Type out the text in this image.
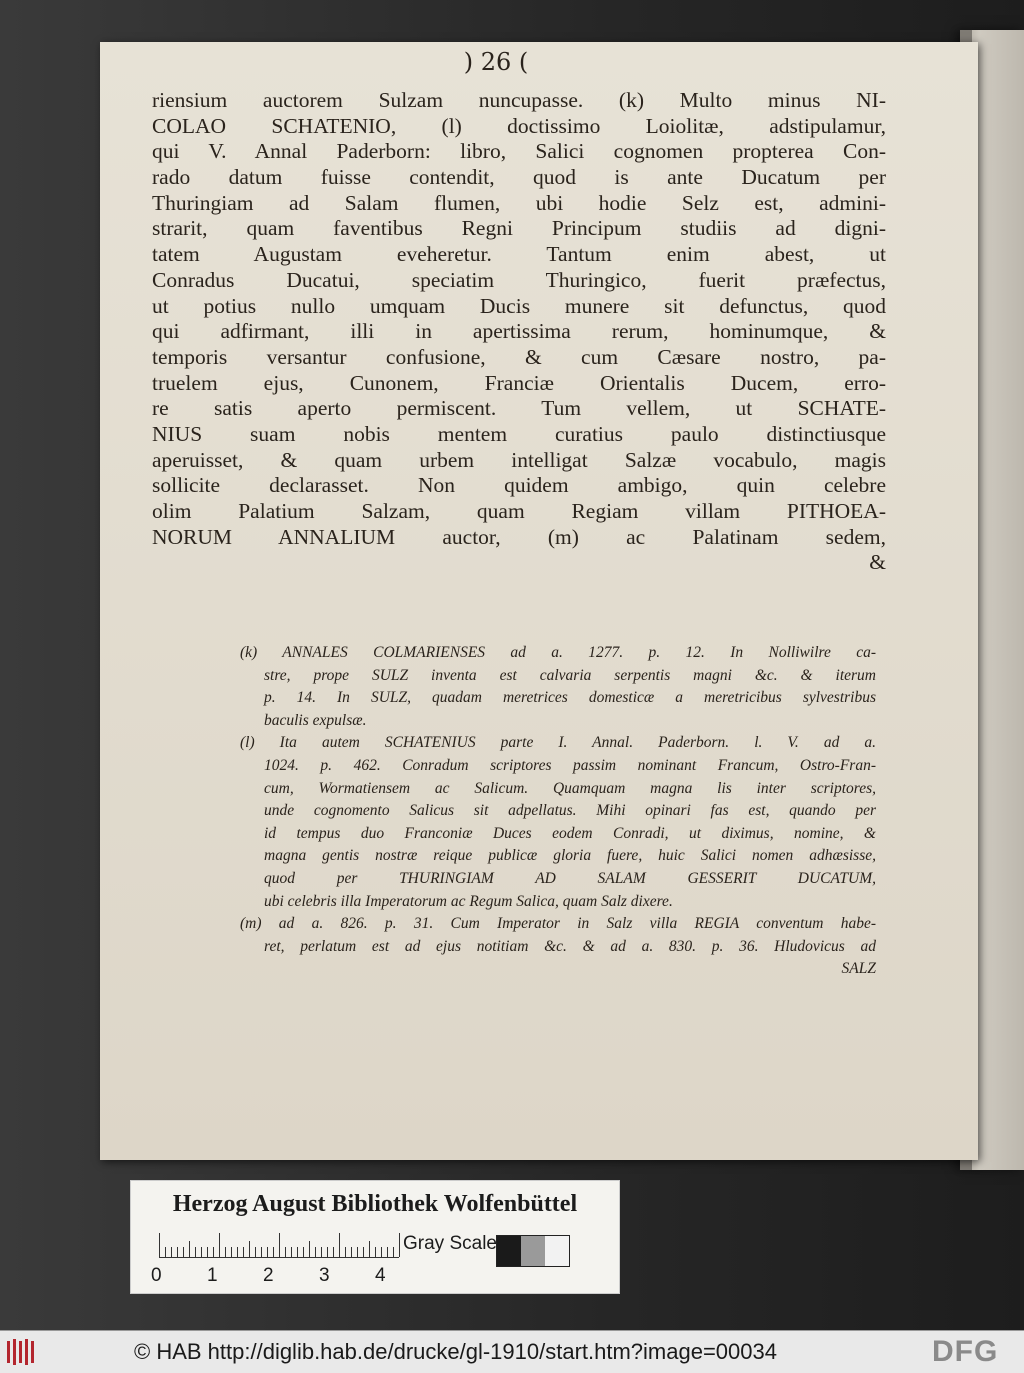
) 26 (
riensium auctorem Sulzam nuncupasse. (k) Multo minus NI-
COLAO SCHATENIO, (l) doctissimo Loiolitæ, adstipulamur,
qui V. Annal Paderborn: libro, Salici cognomen propterea Con-
rado datum fuisse contendit, quod is ante Ducatum per
Thuringiam ad Salam flumen, ubi hodie Selz est, admini-
strarit, quam faventibus Regni Principum studiis ad digni-
tatem Augustam eveheretur. Tantum enim abest, ut
Conradus Ducatui, speciatim Thuringico, fuerit præfectus,
ut potius nullo umquam Ducis munere sit defunctus, quod
qui adfirmant, illi in apertissima rerum, hominumque, &
temporis versantur confusione, & cum Cæsare nostro, pa-
truelem ejus, Cunonem, Franciæ Orientalis Ducem, erro-
re satis aperto permiscent. Tum vellem, ut SCHATE-
NIUS suam nobis mentem curatius paulo distinctiusque
aperuisset, & quam urbem intelligat Salzæ vocabulo, magis
sollicite declarasset. Non quidem ambigo, quin celebre
olim Palatium Salzam, quam Regiam villam PITHOEA-
NORUM ANNALIUM auctor, (m) ac Palatinam sedem,
&
(k) ANNALES COLMARIENSES ad a. 1277. p. 12. In Nolliwilre ca-
stre, prope SULZ inventa est calvaria serpentis magni &c. & iterum
p. 14. In SULZ, quadam meretrices domesticæ a meretricibus sylvestribus
baculis expulsæ.
(l) Ita autem SCHATENIUS parte I. Annal. Paderborn. l. V. ad a.
1024. p. 462. Conradum scriptores passim nominant Francum, Ostro-Fran-
cum, Wormatiensem ac Salicum. Quamquam magna lis inter scriptores,
unde cognomento Salicus sit adpellatus. Mihi opinari fas est, quando per
id tempus duo Franconiæ Duces eodem Conradi, ut diximus, nomine, &
magna gentis nostræ reique publicæ gloria fuere, huic Salici nomen adhæsisse,
quod per THURINGIAM AD SALAM GESSERIT DUCATUM,
ubi celebris illa Imperatorum ac Regum Salica, quam Salz dixere.
(m) ad a. 826. p. 31. Cum Imperator in Salz villa REGIA conventum habe-
ret, perlatum est ad ejus notitiam &c. & ad a. 830. p. 36. Hludovicus ad
SALZ
Herzog August Bibliothek Wolfenbüttel
0 1 2 3 4
Gray Scale
© HAB http://diglib.hab.de/drucke/gl-1910/start.htm?image=00034	DFG
